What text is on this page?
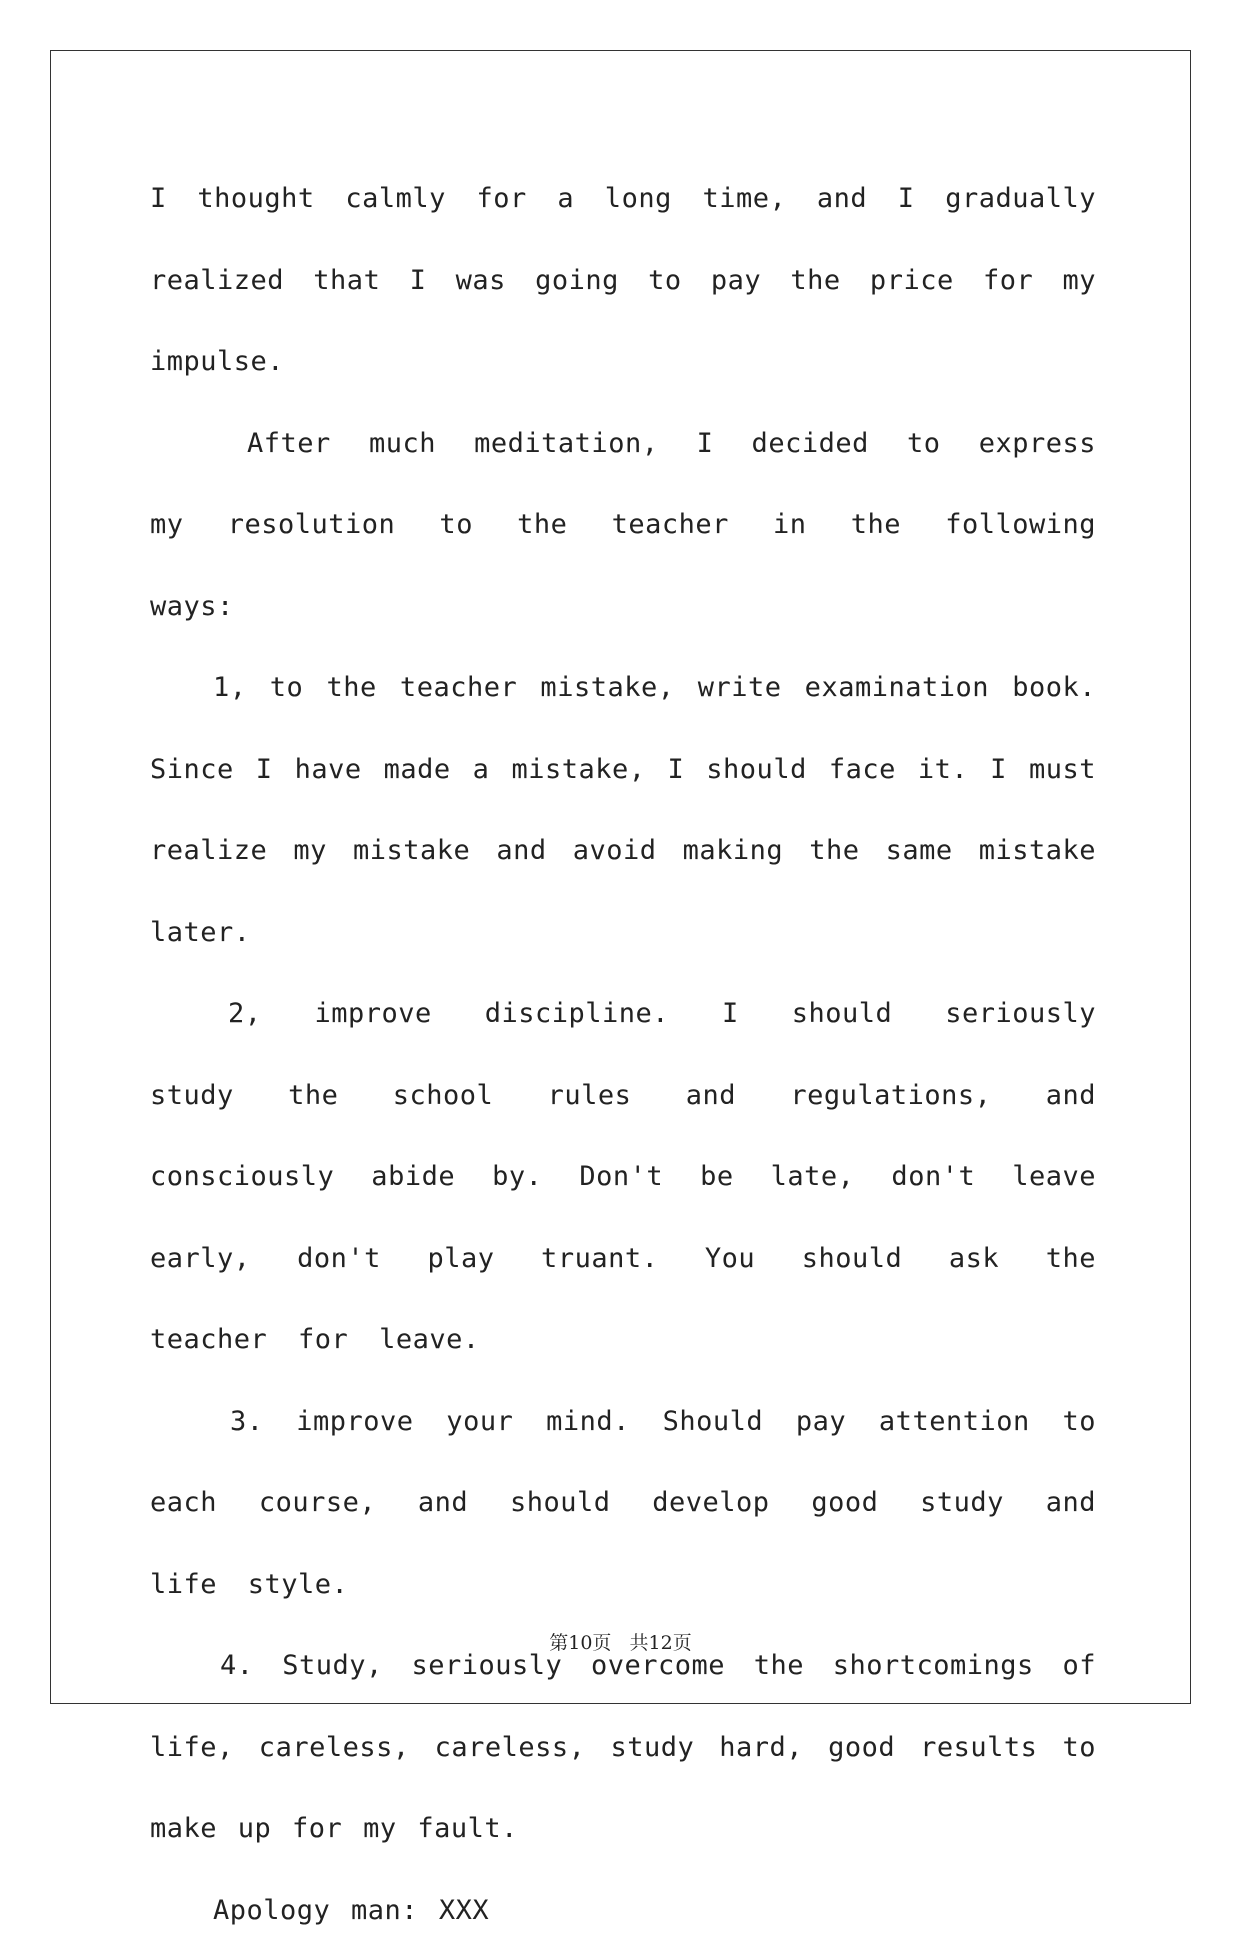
I thought calmly for a long time, and I gradually realized that I was going to pay the price for my impulse.

After much meditation, I decided to express my resolution to the teacher in the following ways:

1, to the teacher mistake, write examination book. Since I have made a mistake, I should face it. I must realize my mistake and avoid making the same mistake later.

2, improve discipline. I should seriously study the school rules and regulations, and consciously abide by. Don't be late, don't leave early, don't play truant. You should ask the teacher for leave.

3. improve your mind. Should pay attention to each course, and should develop good study and life style.

4. Study, seriously overcome the shortcomings of life, careless, careless, study hard, good results to make up for my fault.

Apology man: XXX

第10页   共12页
